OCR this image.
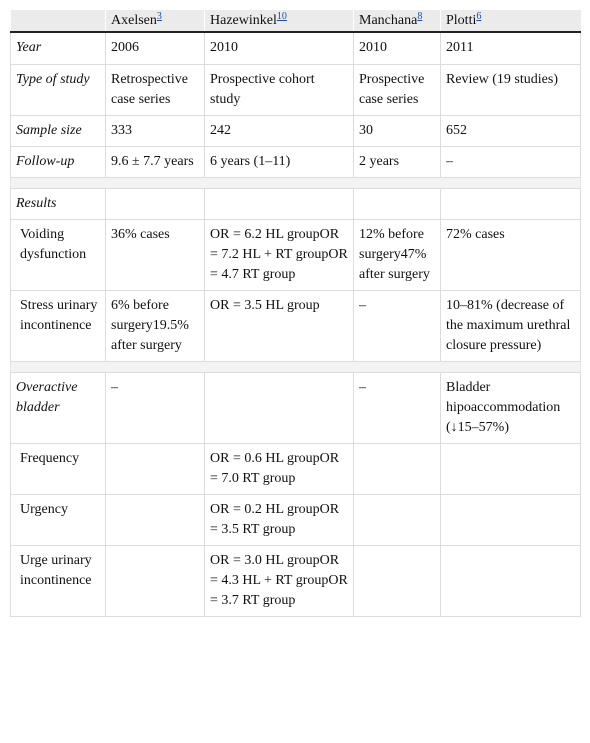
	Axelsen$^3$	Hazewinkel$^{10}$	Manchana$^8$	Plotti$^6$
Year	2006	2010	2010	2011
Type of study	Retrospective case series	Prospective cohort study	Prospective case series	Review (19 studies)
Sample size	333	242	30	652
Follow-up	9.6 ± 7.7 years	6 years (1–11)	2 years	–

Results				
Voiding dysfunction	36% cases	OR = 6.2 HL groupOR = 7.2 HL + RT groupOR = 4.7 RT group	12% before surgery47% after surgery	72% cases
Stress urinary incontinence	6% before surgery19.5% after surgery	OR = 3.5 HL group	–	10–81% (decrease of the maximum urethral closure pressure)

Overactive bladder	–		–	Bladder hipoaccommodation (↓15–57%)
Frequency		OR = 0.6 HL groupOR = 7.0 RT group		
Urgency		OR = 0.2 HL groupOR = 3.5 RT group		
Urge urinary incontinence		OR = 3.0 HL groupOR = 4.3 HL + RT groupOR = 3.7 RT group		
